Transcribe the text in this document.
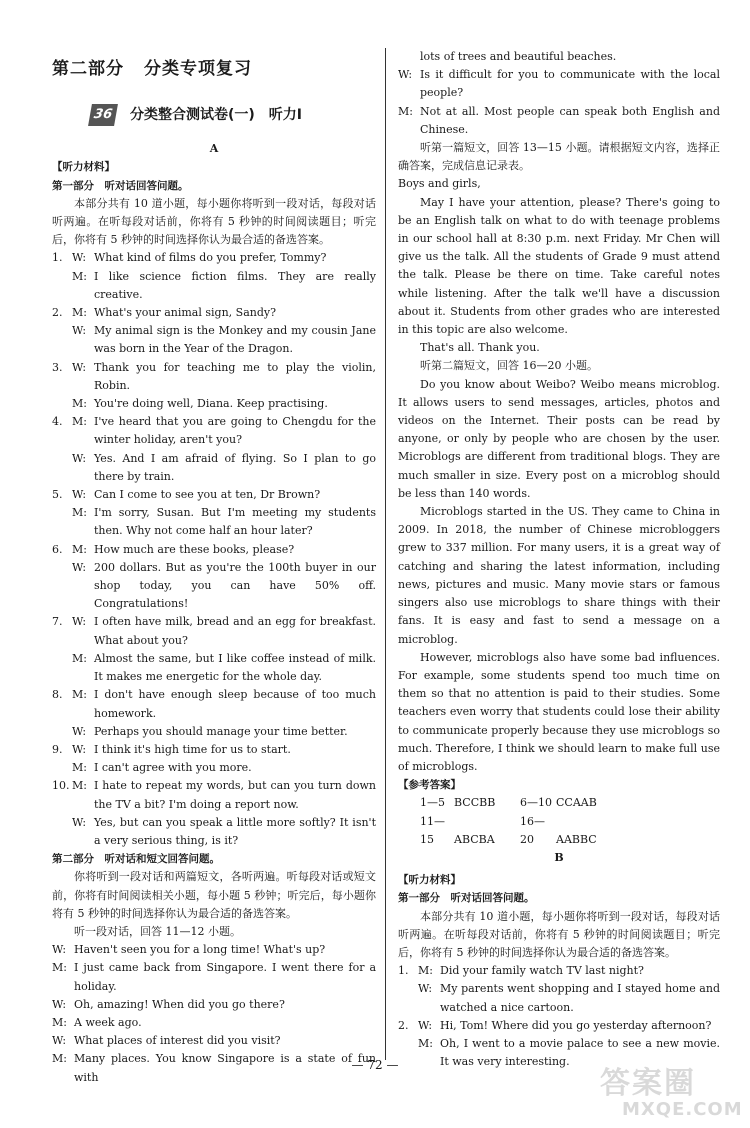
第二部分 分类专项复习
36	分类整合测试卷(一) 听力Ⅰ
A
【听力材料】
第一部分　听对话回答问题。
本部分共有 10 道小题，每小题你将听到一段对话，每段对话听两遍。在听每段对话前，你将有 5 秒钟的时间阅读题目；听完后，你将有 5 秒钟的时间选择你认为最合适的备选答案。
1. W: What kind of films do you prefer, Tommy?
M: I like science fiction films. They are really creative.
2. M: What's your animal sign, Sandy?
W: My animal sign is the Monkey and my cousin Jane was born in the Year of the Dragon.
3. W: Thank you for teaching me to play the violin, Robin.
M: You're doing well, Diana. Keep practising.
4. M: I've heard that you are going to Chengdu for the winter holiday, aren't you?
W: Yes. And I am afraid of flying. So I plan to go there by train.
5. W: Can I come to see you at ten, Dr Brown?
M: I'm sorry, Susan. But I'm meeting my students then. Why not come half an hour later?
6. M: How much are these books, please?
W: 200 dollars. But as you're the 100th buyer in our shop today, you can have 50% off. Congratulations!
7. W: I often have milk, bread and an egg for breakfast. What about you?
M: Almost the same, but I like coffee instead of milk. It makes me energetic for the whole day.
8. M: I don't have enough sleep because of too much homework.
W: Perhaps you should manage your time better.
9. W: I think it's high time for us to start.
M: I can't agree with you more.
10. M: I hate to repeat my words, but can you turn down the TV a bit? I'm doing a report now.
W: Yes, but can you speak a little more softly? It isn't a very serious thing, is it?
第二部分　听对话和短文回答问题。
你将听到一段对话和两篇短文，各听两遍。听每段对话或短文前，你将有时间阅读相关小题，每小题 5 秒钟；听完后，每小题你将有 5 秒钟的时间选择你认为最合适的备选答案。
听一段对话，回答 11—12 小题。
W: Haven't seen you for a long time! What's up?
M: I just came back from Singapore. I went there for a holiday.
W: Oh, amazing! When did you go there?
M: A week ago.
W: What places of interest did you visit?
M: Many places. You know Singapore is a state of fun with
lots of trees and beautiful beaches.
W: Is it difficult for you to communicate with the local people?
M: Not at all. Most people can speak both English and Chinese.
听第一篇短文，回答 13—15 小题。请根据短文内容，选择正确答案，完成信息记录表。
Boys and girls,
May I have your attention, please? There's going to be an English talk on what to do with teenage problems in our school hall at 8:30 p.m. next Friday. Mr Chen will give us the talk. All the students of Grade 9 must attend the talk. Please be there on time. Take careful notes while listening. After the talk we'll have a discussion about it. Students from other grades who are interested in this topic are also welcome.
That's all. Thank you.
听第二篇短文，回答 16—20 小题。
Do you know about Weibo? Weibo means microblog. It allows users to send messages, articles, photos and videos on the Internet. Their posts can be read by anyone, or only by people who are chosen by the user. Microblogs are different from traditional blogs. They are much smaller in size. Every post on a microblog should be less than 140 words.
Microblogs started in the US. They came to China in 2009. In 2018, the number of Chinese microbloggers grew to 337 million. For many users, it is a great way of catching and sharing the latest information, including news, pictures and music. Many movie stars or famous singers also use microblogs to share things with their fans. It is easy and fast to send a message on a microblog.
However, microblogs also have some bad influences. For example, some students spend too much time on them so that no attention is paid to their studies. Some teachers even worry that students could lose their ability to communicate properly because they use microblogs so much. Therefore, I think we should learn to make full use of microblogs.
【参考答案】
1—5 BCCBB 6—10 CCAAB
11—15 ABCBA16—20 AABBC
B
【听力材料】
第一部分　听对话回答问题。
本部分共有 10 道小题，每小题你将听到一段对话，每段对话听两遍。在听每段对话前，你将有 5 秒钟的时间阅读题目；听完后，你将有 5 秒钟的时间选择你认为最合适的备选答案。
1. M: Did your family watch TV last night?
W: My parents went shopping and I stayed home and watched a nice cartoon.
2. W: Hi, Tom! Where did you go yesterday afternoon?
M: Oh, I went to a movie palace to see a new movie. It was very interesting.
— 72 —
答案圈
MXQE.COM
